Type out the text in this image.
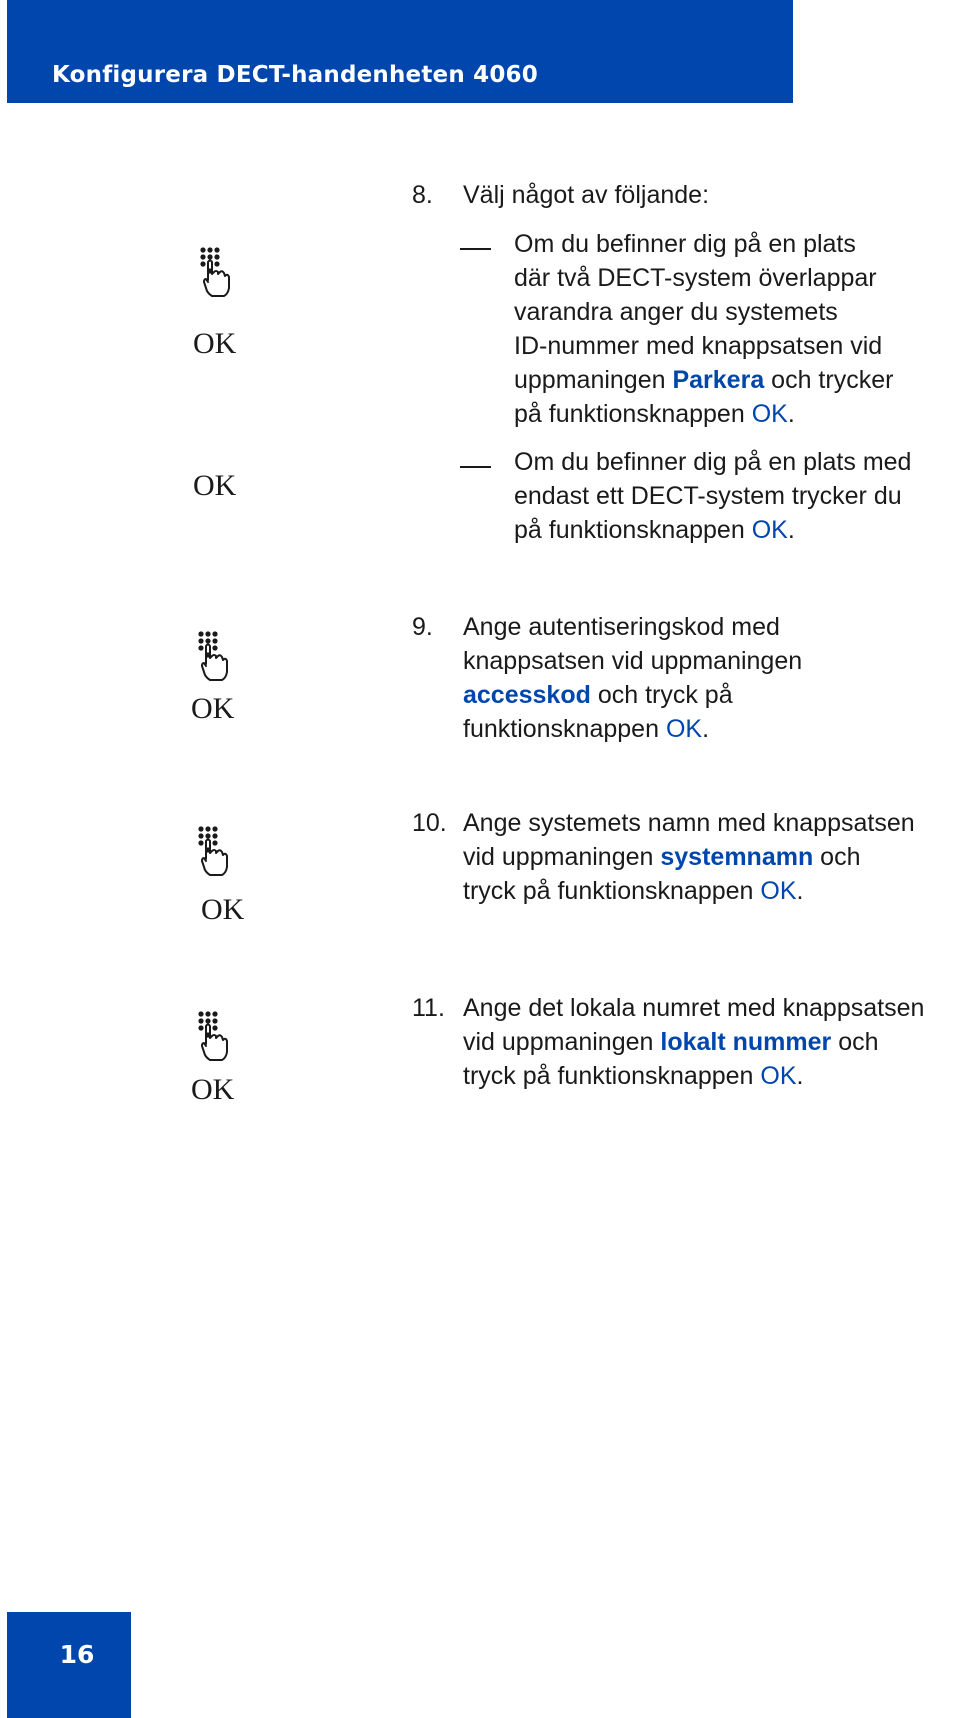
Konfigurera DECT-handenheten 4060
OK
OK
OK
OK
OK
8. Välj något av följande:
Om du befinner dig på en plats
där två DECT-system överlappar
varandra anger du systemets
ID-nummer med knappsatsen vid
uppmaningen Parkera och trycker
på funktionsknappen OK.
Om du befinner dig på en plats med
endast ett DECT-system trycker du
på funktionsknappen OK.
9. Ange autentiseringskod med
knappsatsen vid uppmaningen
accesskod och tryck på
funktionsknappen OK.
10. Ange systemets namn med knappsatsen
vid uppmaningen systemnamn och
tryck på funktionsknappen OK.
11. Ange det lokala numret med knappsatsen
vid uppmaningen lokalt nummer och
tryck på funktionsknappen OK.
16
